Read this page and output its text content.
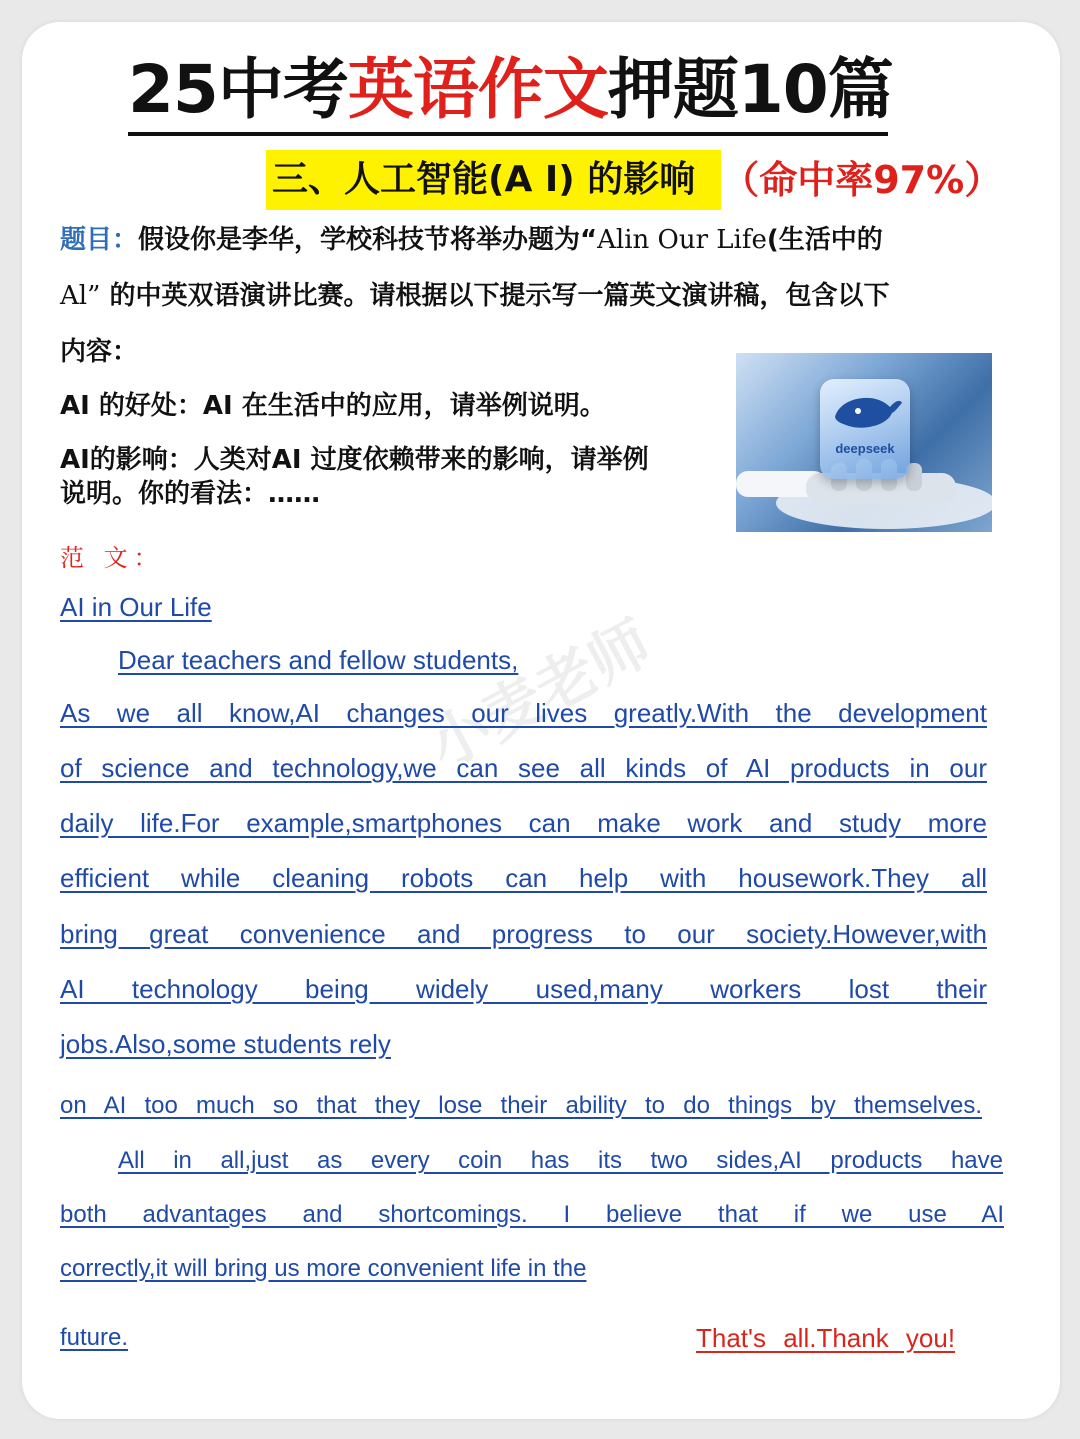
25中考英语作文押题10篇
三、人工智能(A I) 的影响 （命中率97%）
题目：假设你是李华，学校科技节将举办题为“Alin Our Life(生活中的
Al” 的中英双语演讲比赛。请根据以下提示写一篇英文演讲稿，包含以下
内容：
AI 的好处：AI 在生活中的应用，请举例说明。
AI的影响：人类对AI 过度依赖带来的影响，请举例
说明。你的看法：……
deepseek
范 文：
AI in Our Life
Dear teachers and fellow students,
As we all know,AI changes our lives greatly.With the development
of science and technology,we can see all kinds of AI products in our
daily life.For example,smartphones can make work and study more
efficient while cleaning robots can help with housework.They all
bring great convenience and progress to our society.However,with
AI technology being widely used,many workers lost their
jobs.Also,some students rely
on AI too much so that they lose their ability to do things by themselves.
All in all,just as every coin has its two sides,AI products have
both advantages and shortcomings. I believe that if we use AI
correctly,it will bring us more convenient life in the
future.	That's all.Thank you!
